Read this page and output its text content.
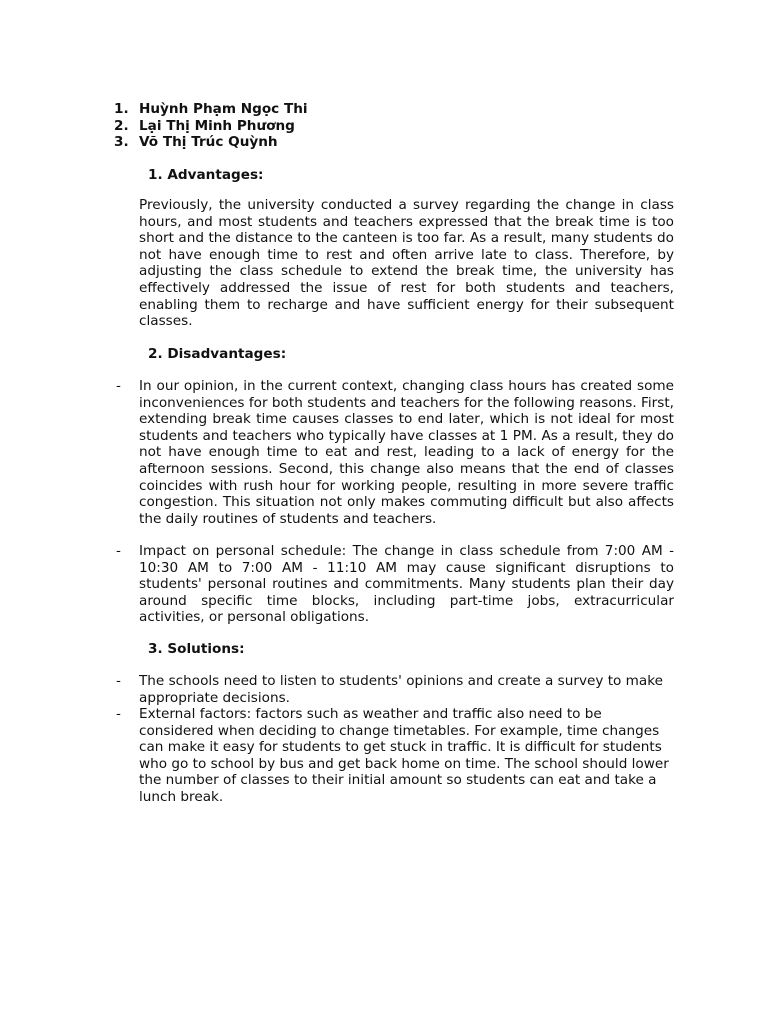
1. Huỳnh Phạm Ngọc Thi
2. Lại Thị Minh Phương
3. Võ Thị Trúc Quỳnh
1. Advantages:

Previously, the university conducted a survey regarding the change in class hours, and most students and teachers expressed that the break time is too short and the distance to the canteen is too far. As a result, many students do not have enough time to rest and often arrive late to class. Therefore, by adjusting the class schedule to extend the break time, the university has effectively addressed the issue of rest for both students and teachers, enabling them to recharge and have sufficient energy for their subsequent classes.

2. Disadvantages:
- In our opinion, in the current context, changing class hours has created some inconveniences for both students and teachers for the following reasons. First, extending break time causes classes to end later, which is not ideal for most students and teachers who typically have classes at 1 PM. As a result, they do not have enough time to eat and rest, leading to a lack of energy for the afternoon sessions. Second, this change also means that the end of classes coincides with rush hour for working people, resulting in more severe traffic congestion. This situation not only makes commuting difficult but also affects the daily routines of students and teachers.

- Impact on personal schedule: The change in class schedule from 7:00 AM - 10:30 AM to 7:00 AM - 11:10 AM may cause significant disruptions to students' personal routines and commitments. Many students plan their day around specific time blocks, including part-time jobs, extracurricular activities, or personal obligations.

3. Solutions:
- The schools need to listen to students' opinions and create a survey to make appropriate decisions.

- External factors: factors such as weather and traffic also need to be considered when deciding to change timetables. For example, time changes can make it easy for students to get stuck in traffic. It is difficult for students who go to school by bus and get back home on time. The school should lower the number of classes to their initial amount so students can eat and take a lunch break.
